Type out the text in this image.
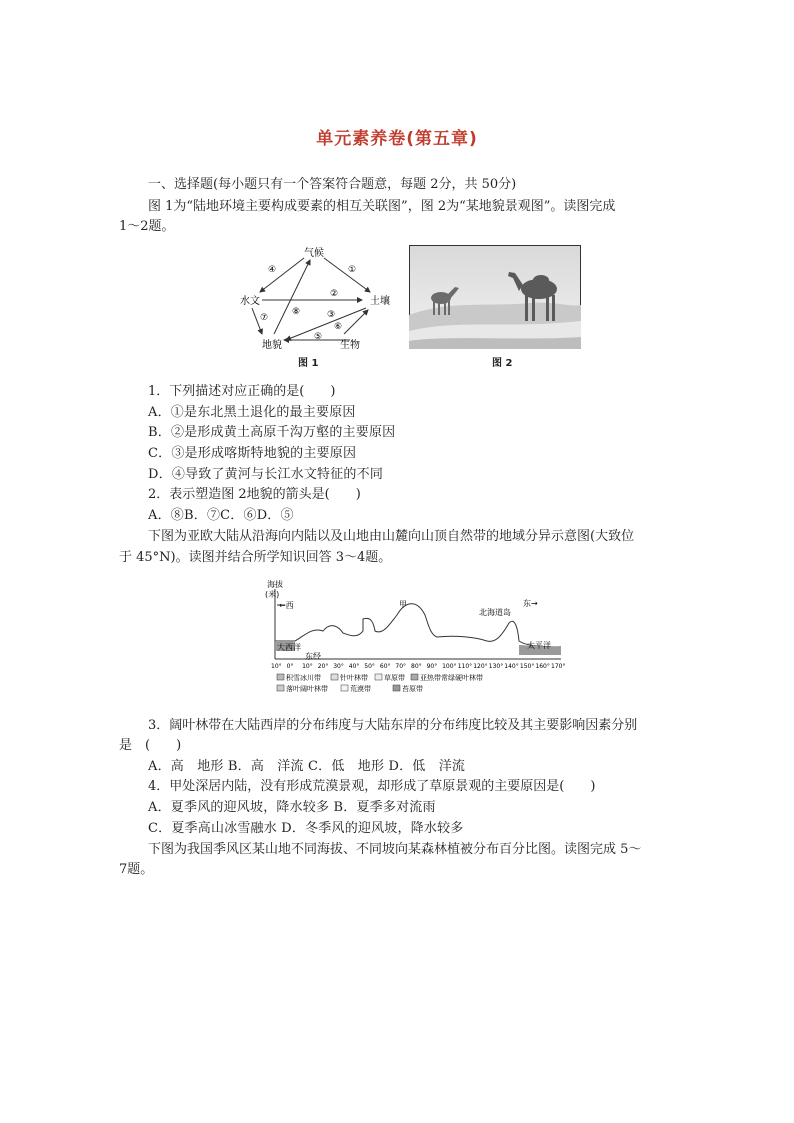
单元素养卷(第五章)
一、选择题(每小题只有一个答案符合题意，每题 2分，共 50分)
图 1为“陆地环境主要构成要素的相互关联图”，图 2为“某地貌景观图”。读图完成
1～2题。
气候
水文	土壤
地貌	生物
①
②
③
④
⑤
⑥
⑦
⑧
图 1	图 2
1．下列描述对应正确的是(　　)
A．①是东北黑土退化的最主要原因
B．②是形成黄土高原千沟万壑的主要原因
C．③是形成喀斯特地貌的主要原因
D．④导致了黄河与长江水文特征的不同
2．表示塑造图 2地貌的箭头是(　　)
A．⑧B．⑦C．⑥D．⑤
下图为亚欧大陆从沿海向内陆以及山地由山麓向山顶自然带的地域分异示意图(大致位
于 45°N)。读图并结合所学知识回答 3～4题。
海拔
(米)
←西	东→
甲
北海道岛
大西洋	太平洋
东经
10° 0° 10° 20° 30° 40° 50° 60° 70° 80° 90° 100° 110° 120° 130° 140° 150° 160° 170°
积雪冰川带	针叶林带 草原带 亚热带常绿硬叶林带
落叶阔叶林带	荒漠带	苔原带
3．阔叶林带在大陆西岸的分布纬度与大陆东岸的分布纬度比较及其主要影响因素分别
是　(　　)
A．高　地形 B．高　洋流 C．低　地形 D．低　洋流
4．甲处深居内陆，没有形成荒漠景观，却形成了草原景观的主要原因是(　　)
A．夏季风的迎风坡，降水较多 B．夏季多对流雨
C．夏季高山冰雪融水 D．冬季风的迎风坡，降水较多
下图为我国季风区某山地不同海拔、不同坡向某森林植被分布百分比图。读图完成 5～
7题。
